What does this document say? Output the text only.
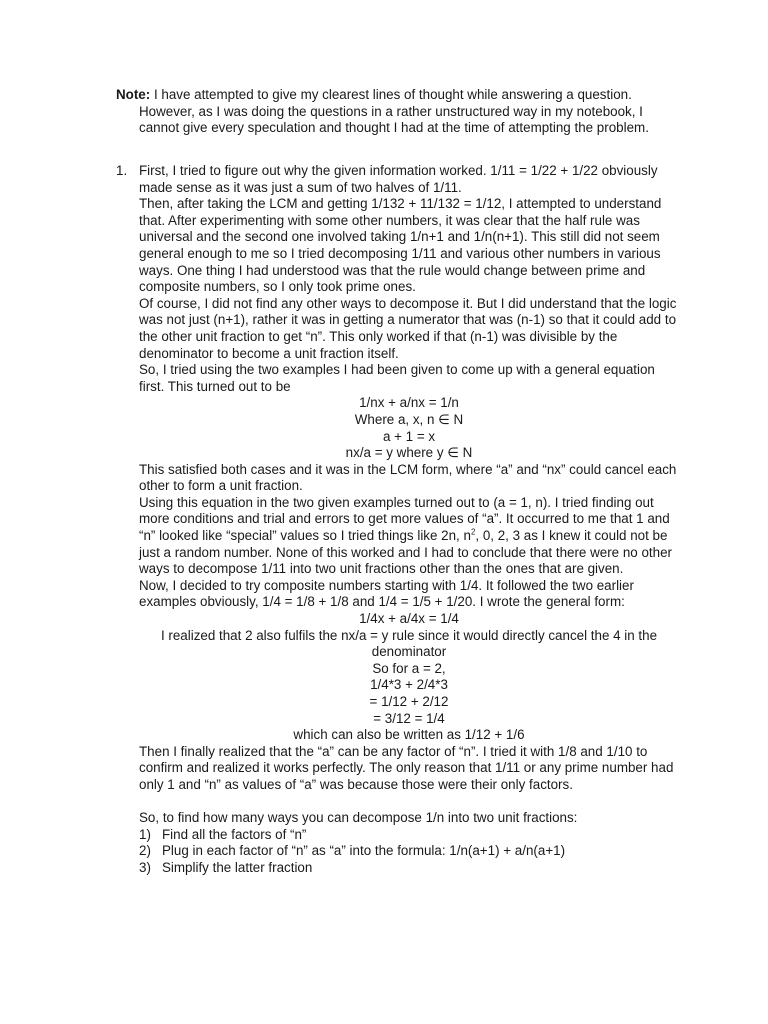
Note: I have attempted to give my clearest lines of thought while answering a question.
However, as I was doing the questions in a rather unstructured way in my notebook, I cannot give every speculation and thought I had at the time of attempting the problem.
1. First, I tried to figure out why the given information worked. 1/11 = 1/22 + 1/22 obviously made sense as it was just a sum of two halves of 1/11.

Then, after taking the LCM and getting 1/132 + 11/132 = 1/12, I attempted to understand that. After experimenting with some other numbers, it was clear that the half rule was universal and the second one involved taking 1/n+1 and 1/n(n+1). This still did not seem general enough to me so I tried decomposing 1/11 and various other numbers in various ways. One thing I had understood was that the rule would change between prime and composite numbers, so I only took prime ones.

Of course, I did not find any other ways to decompose it. But I did understand that the logic was not just (n+1), rather it was in getting a numerator that was (n-1) so that it could add to the other unit fraction to get “n”. This only worked if that (n-1) was divisible by the denominator to become a unit fraction itself.

So, I tried using the two examples I had been given to come up with a general equation first. This turned out to be

1/nx + a/nx = 1/n

Where a, x, n ∈ N

a + 1 = x

nx/a = y where y ∈ N

This satisfied both cases and it was in the LCM form, where “a” and “nx” could cancel each other to form a unit fraction.

Using this equation in the two given examples turned out to (a = 1, n). I tried finding out more conditions and trial and errors to get more values of “a”. It occurred to me that 1 and “n” looked like “special” values so I tried things like 2n, $n^2$, 0, 2, 3 as I knew it could not be just a random number. None of this worked and I had to conclude that there were no other ways to decompose 1/11 into two unit fractions other than the ones that are given.

Now, I decided to try composite numbers starting with 1/4. It followed the two earlier examples obviously, 1/4 = 1/8 + 1/8 and 1/4 = 1/5 + 1/20. I wrote the general form:

1/4x + a/4x = 1/4

I realized that 2 also fulfils the nx/a = y rule since it would directly cancel the 4 in the denominator

So for a = 2,

1/4*3 + 2/4*3

= 1/12 + 2/12

= 3/12 = 1/4

which can also be written as 1/12 + 1/6

Then I finally realized that the “a” can be any factor of “n”. I tried it with 1/8 and 1/10 to confirm and realized it works perfectly. The only reason that 1/11 or any prime number had only 1 and “n” as values of “a” was because those were their only factors.

So, to find how many ways you can decompose 1/n into two unit fractions:

1) Find all the factors of “n”
2) Plug in each factor of “n” as “a” into the formula: 1/n(a+1) + a/n(a+1)
3) Simplify the latter fraction
